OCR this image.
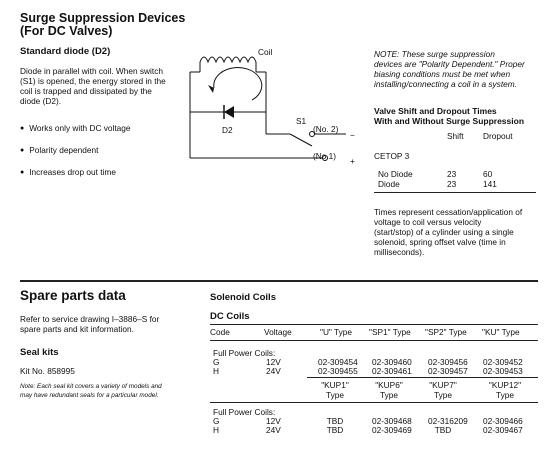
Surge Suppression Devices
(For DC Valves)
Standard diode (D2)
Diode in parallel with coil. When switch
(S1) is opened, the energy stored in the
coil is trapped and dissipated by the
diode (D2).
● Works only with DC voltage
● Polarity dependent
● Increases drop out time
Coil
D2
S1
(No. 2)
(No 1)
−
+
NOTE: These surge suppression
devices are "Polarity Dependent." Proper
biasing conditions must be met when
installing/connecting a coil in a system.
Valve Shift and Dropout Times
With and Without Surge Suppression
Shift Dropout
CETOP 3
No Diode	23	60
Diode	23	141
Times represent cessation/application of
voltage to coil versus velocity
(start/stop) of a cylinder using a single
solenoid, spring offset valve (time in
milliseconds).
Spare parts data
Refer to service drawing I–3886–S for
spare parts and kit information.
Seal kits
Kit No. 858995
Note: Each seal kit covers a variety of models and
may have redundant seals for a particular model.
Solenoid Coils
DC Coils
Code	Voltage	"U" Type "SP1" Type "SP2" Type "KU" Type
Full Power Coils:
G	12V	02-309454 02-309460 02-309456 02-309452
H	24V	02-309455 02-309461 02-309457 02-309453
"KUP1"
Type
"KUP6"
Type
"KUP7"
Type
"KUP12"
Type
Full Power Coils:
G	12V	TBD	02-309468 02-316209 02-309466
H	24V	TBD	02-309469	TBD	02-309467
